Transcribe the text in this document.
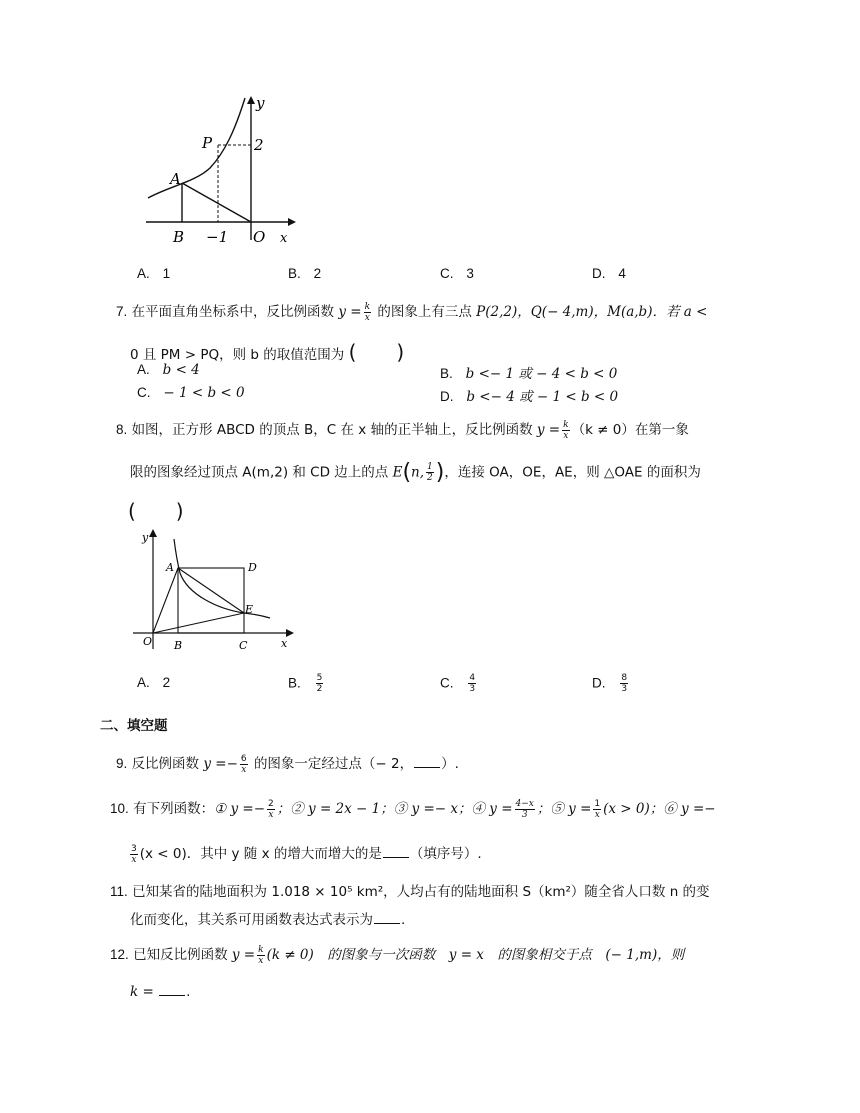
y
P	2
A
B −1 O x
A. 1	B. 2	C. 3	D. 4
7. 在平面直角坐标系中，反比例函数 $y = \frac{k}{x}$ 的图象上有三点 P(2,2)，Q(− 4,m)，M(a,b)．若 a <
0 且 PM > PQ，则 b 的取值范围为 (　　)
A. b < 4	B. b <− 1 或 − 4 < b < 0
C. − 1 < b < 0	D. b <− 4 或 − 1 < b < 0
8. 如图，正方形 ABCD 的顶点 B，C 在 x 轴的正半轴上，反比例函数 $y = \frac{k}{x} (k \ne 0)$在第一象
限的图象经过顶点 A(m,2) 和 CD 边上的点 E(n, $\frac{1}{2}$ )，连接 OA，OE，AE，则 △OAE 的面积为
(　　)
y
A	D
E
O B	C	x
A. 2	B. $\frac{5}{2}$	C. $\frac{4}{3}$	D. $\frac{8}{3}$
二、填空题
9. 反比例函数 $y =- \frac{6}{x}$ 的图象一定经过点（− 2， ）.
10. 有下列函数：① $y =- \frac{2}{x}$ ；② y = 2x − 1；③ y =− x；④ $y = \frac{4-x}{3}$ ；⑤ $y = \frac{1}{x} (x > 0)$；⑥ y =−
$\frac{3}{x} (x < 0)$．其中 y 随 x 的增大而增大的是 （填序号）.
11. 已知某省的陆地面积为 1.018 × 10⁵ km²，人均占有的陆地面积 S（km²）随全省人口数 n 的变
化而变化，其关系可用函数表达式表示为 .
12. 已知反比例函数 $y = \frac{k}{x} (k \ne 0)$　的图象与一次函数　y = x　的图象相交于点　(− 1,m)，则
k = .
